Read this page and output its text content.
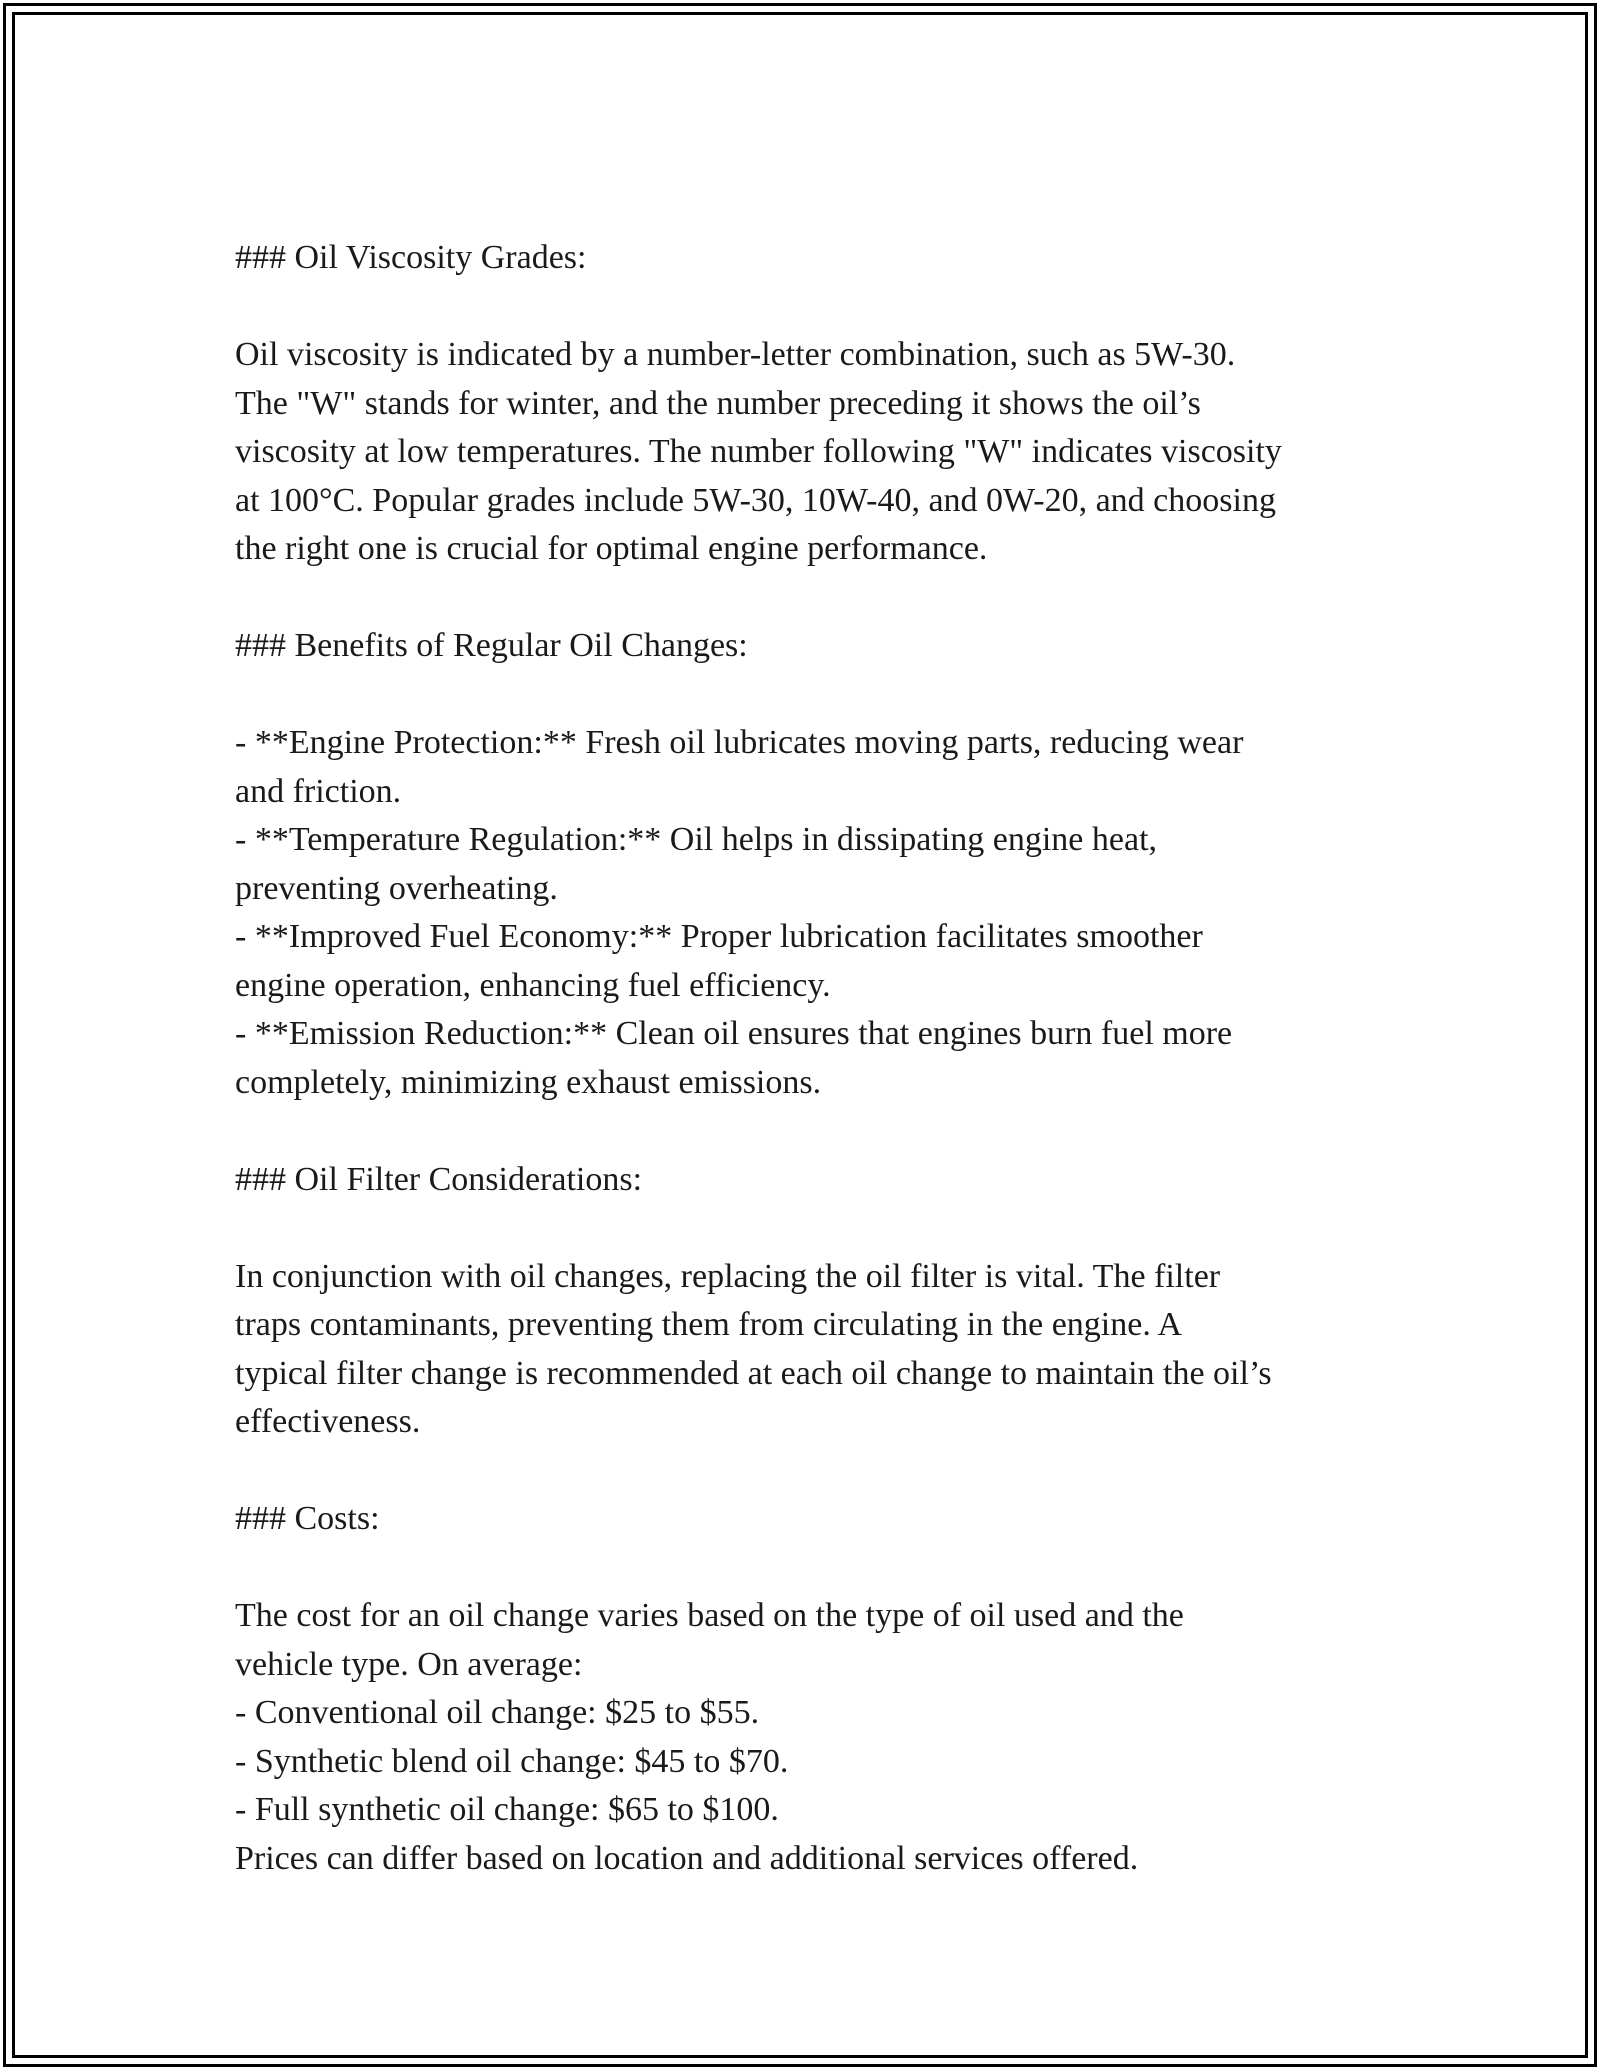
### Oil Viscosity Grades:
Oil viscosity is indicated by a number-letter combination, such as 5W-30.
The "W" stands for winter, and the number preceding it shows the oil’s
viscosity at low temperatures. The number following "W" indicates viscosity
at 100°C. Popular grades include 5W-30, 10W-40, and 0W-20, and choosing
the right one is crucial for optimal engine performance.
### Benefits of Regular Oil Changes:
- **Engine Protection:** Fresh oil lubricates moving parts, reducing wear
and friction.
- **Temperature Regulation:** Oil helps in dissipating engine heat,
preventing overheating.
- **Improved Fuel Economy:** Proper lubrication facilitates smoother
engine operation, enhancing fuel efficiency.
- **Emission Reduction:** Clean oil ensures that engines burn fuel more
completely, minimizing exhaust emissions.
### Oil Filter Considerations:
In conjunction with oil changes, replacing the oil filter is vital. The filter
traps contaminants, preventing them from circulating in the engine. A
typical filter change is recommended at each oil change to maintain the oil’s
effectiveness.
### Costs:
The cost for an oil change varies based on the type of oil used and the
vehicle type. On average:
- Conventional oil change: $25 to $55.
- Synthetic blend oil change: $45 to $70.
- Full synthetic oil change: $65 to $100.
Prices can differ based on location and additional services offered.
